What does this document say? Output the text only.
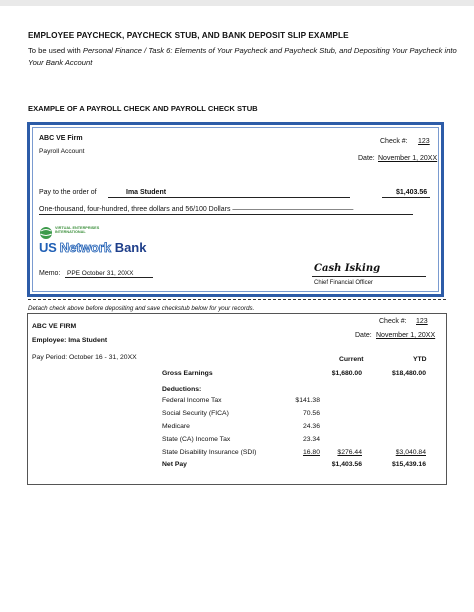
EMPLOYEE PAYCHECK, PAYCHECK STUB, AND BANK DEPOSIT SLIP EXAMPLE
To be used with Personal Finance / Task 6: Elements of Your Paycheck and Paycheck Stub, and Depositing Your Paycheck into Your Bank Account
EXAMPLE OF A PAYROLL CHECK AND PAYROLL CHECK STUB
ABC VE Firm
Payroll Account
Check #: 123
Date: November 1, 20XX
Pay to the order of	Ima Student	$1,403.56
One-thousand, four-hundred, three dollars and 56/100 Dollars ————————————————————
VIRTUAL ENTERPRISES INTERNATIONAL
US Network Bank
Memo: PPE October 31, 20XX	Cash Isking
Chief Financial Officer
Detach check above before depositing and save checkstub below for your records.
ABC VE FIRM
Employee: Ima Student
Pay Period: October 16 - 31, 20XX
Check #: 123
Date: November 1, 20XX
Current	YTD
Gross Earnings	$1,680.00	$18,480.00
Deductions:
Federal Income Tax	$141.38
Social Security (FICA)	70.56
Medicare	24.36
State (CA) Income Tax	23.34
State Disability Insurance (SDI)	16.80	$276.44	$3,040.84
Net Pay	$1,403.56	$15,439.16
